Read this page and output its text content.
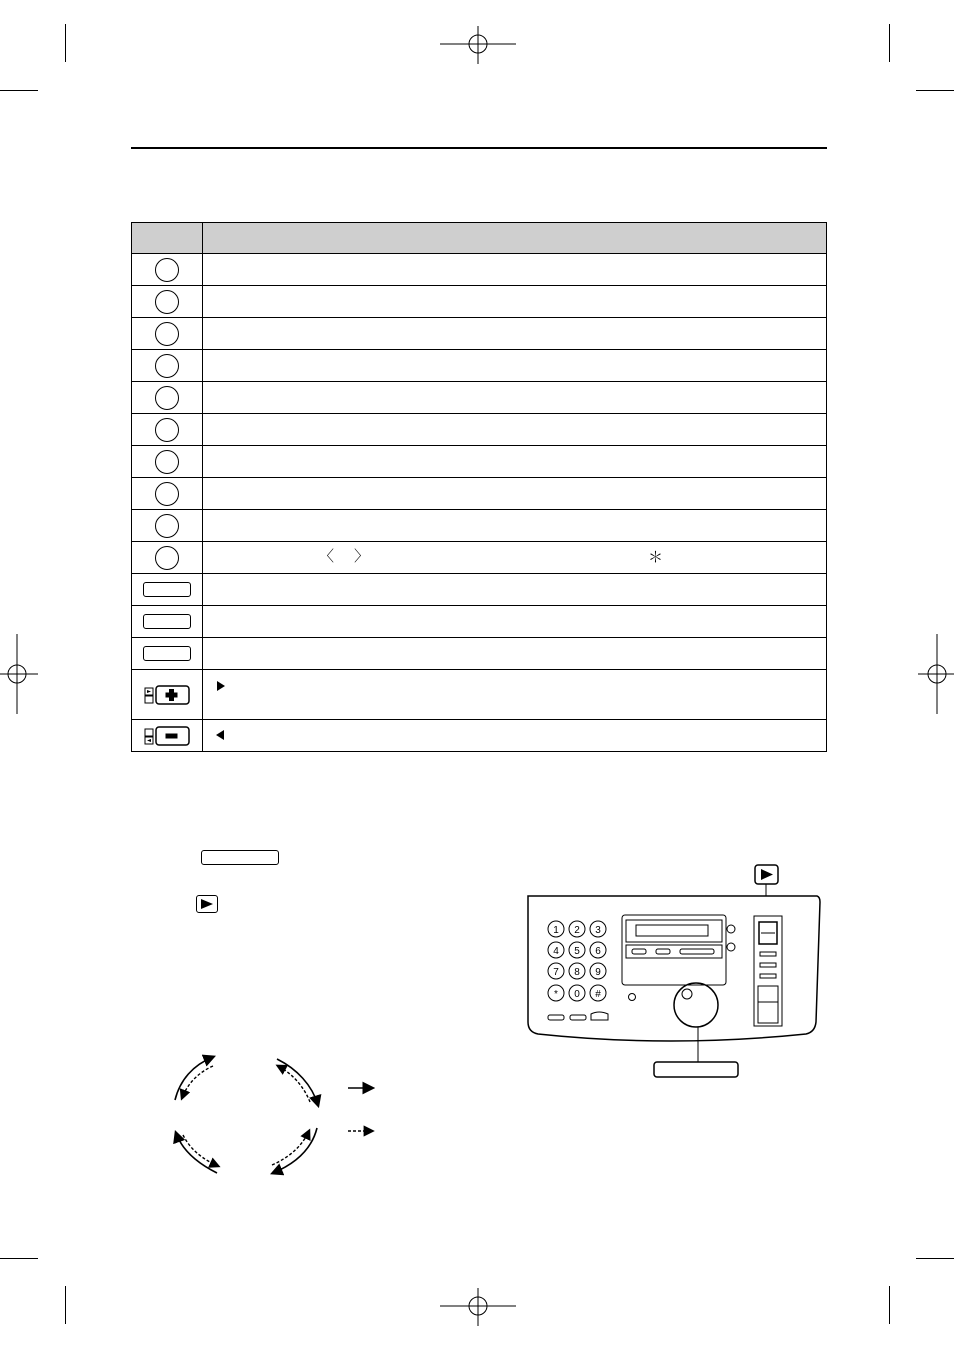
	〈 〉 ＊

1 2 3
4 5 6
7 8 9
* 0 #
